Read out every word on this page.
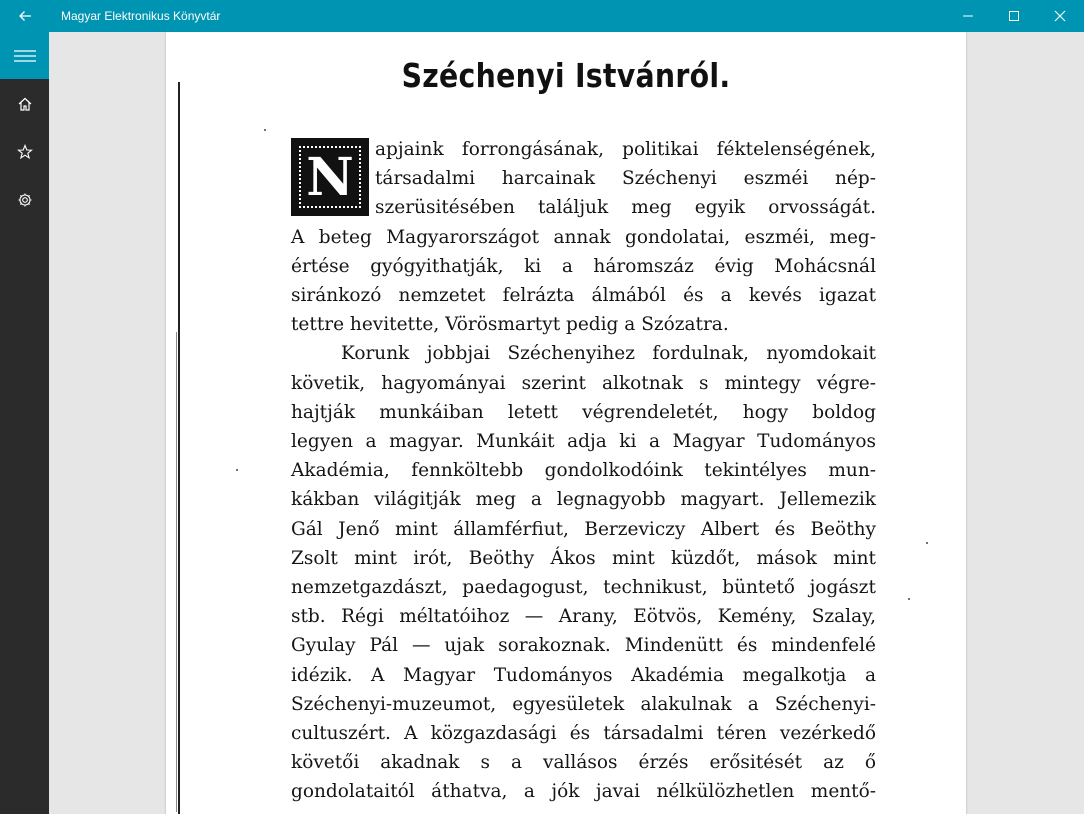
Magyar Elektronikus Könyvtár
Széchenyi Istvánról.
N	apjaink forrongásának, politikai féktelenségének,
társadalmi harcainak Széchenyi eszméi nép-
szerüsitésében találjuk meg egyik orvosságát.
A beteg Magyarországot annak gondolatai, eszméi, meg-
értése gyógyithatják, ki a háromszáz évig Mohácsnál
siránkozó nemzetet felrázta álmából és a kevés igazat
tettre hevitette, Vörösmartyt pedig a Szózatra.
Korunk jobbjai Széchenyihez fordulnak, nyomdokait
követik, hagyományai szerint alkotnak s mintegy végre-
hajtják munkáiban letett végrendeletét, hogy boldog
legyen a magyar. Munkáit adja ki a Magyar Tudományos
Akadémia, fennköltebb gondolkodóink tekintélyes mun-
kákban világitják meg a legnagyobb magyart. Jellemezik
Gál Jenő mint államférfiut, Berzeviczy Albert és Beöthy
Zsolt mint irót, Beöthy Ákos mint küzdőt, mások mint
nemzetgazdászt, paedagogust, technikust, büntető jogászt
stb. Régi méltatóihoz — Arany, Eötvös, Kemény, Szalay,
Gyulay Pál — ujak sorakoznak. Mindenütt és mindenfelé
idézik. A Magyar Tudományos Akadémia megalkotja a
Széchenyi-muzeumot, egyesületek alakulnak a Széchenyi-
cultuszért. A közgazdasági és társadalmi téren vezérkedő
követői akadnak s a vallásos érzés erősitését az ő
gondolataitól áthatva, a jók javai nélkülözhetlen mentő-
